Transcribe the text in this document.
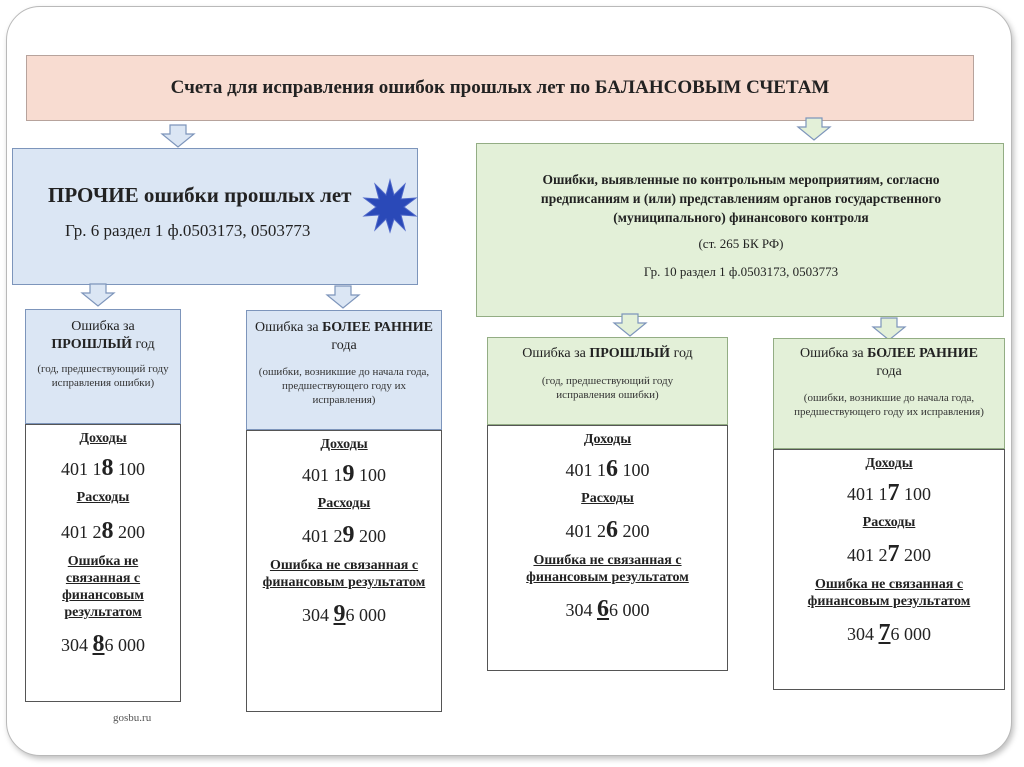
Счета для исправления ошибок прошлых лет по БАЛАНСОВЫМ СЧЕТАМ
ПРОЧИЕ ошибки прошлых лет
Гр. 6 раздел 1 ф.0503173, 0503773
Ошибки, выявленные по контрольным мероприятиям, согласно предписаниям и (или) представлениям органов государственного (муниципального) финансового контроля
(ст. 265 БК РФ)
Гр. 10 раздел 1 ф.0503173, 0503773
Ошибка за
ПРОШЛЫЙ год
(год, предшествующий году исправления ошибки)
Доходы
401 18 100
Расходы
401 28 200
Ошибка не связанная с финансовым результатом
304 86 000
Ошибка за БОЛЕЕ РАННИЕ
года
(ошибки, возникшие до начала года, предшествующего году их исправления)
Доходы
401 19 100
Расходы
401 29 200
Ошибка не связанная с финансовым результатом
304 96 000
Ошибка за ПРОШЛЫЙ год
(год, предшествующий году исправления ошибки)
Доходы
401 16 100
Расходы
401 26 200
Ошибка не связанная с финансовым результатом
304 66 000
Ошибка за БОЛЕЕ РАННИЕ
года
(ошибки, возникшие до начала года, предшествующего году их исправления)
Доходы
401 17 100
Расходы
401 27 200
Ошибка не связанная с финансовым результатом
304 76 000
gosbu.ru
